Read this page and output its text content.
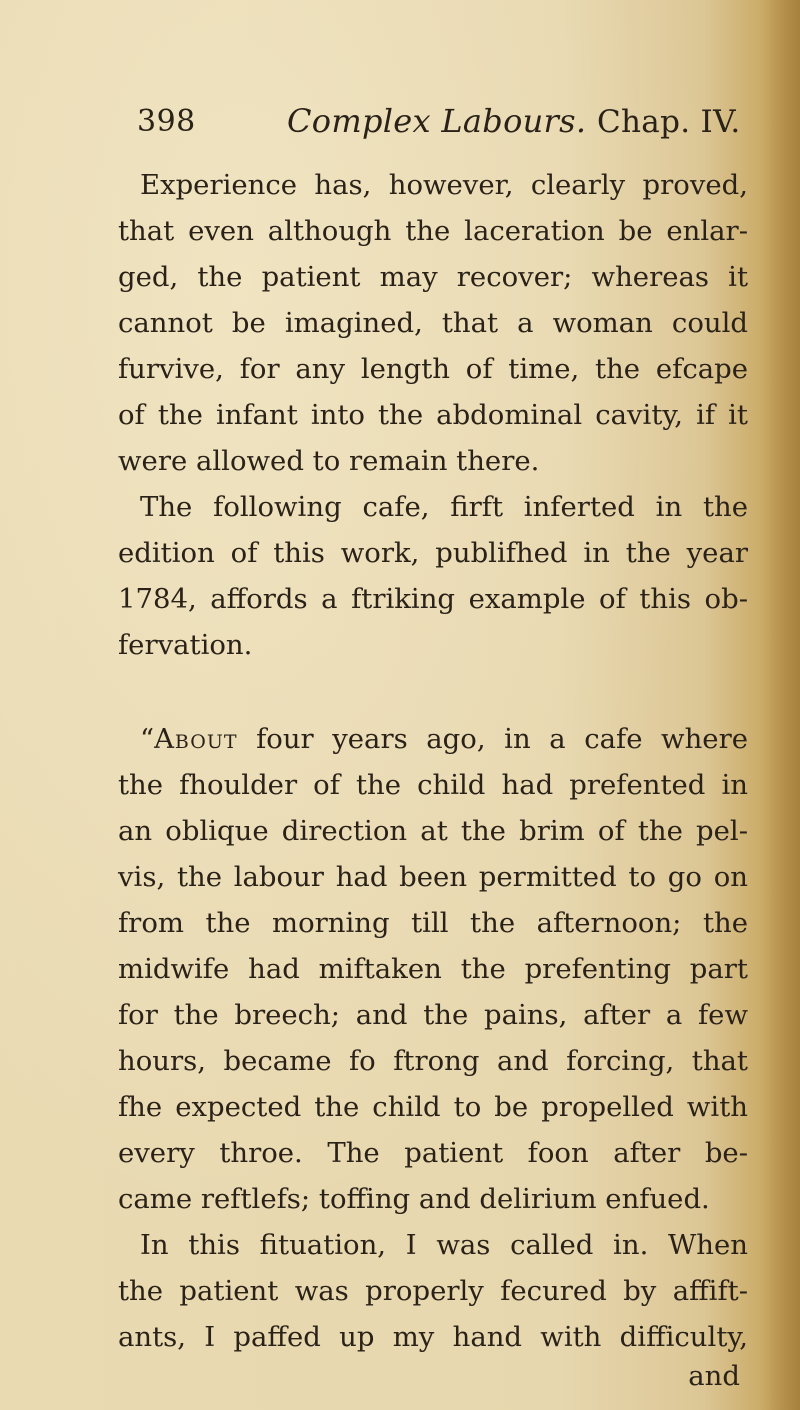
398	Complex Labours. Chap. IV.
Experience has, however, clearly proved,
that even although the laceration be enlar-
ged, the patient may recover; whereas it
cannot be imagined, that a woman could
furvive, for any length of time, the efcape
of the infant into the abdominal cavity, if it
were allowed to remain there.
The following cafe, firft inferted in the
edition of this work, publifhed in the year
1784, affords a ftriking example of this ob-
fervation.
“About four years ago, in a cafe where
the fhoulder of the child had prefented in
an oblique direction at the brim of the pel-
vis, the labour had been permitted to go on
from the morning till the afternoon; the
midwife had miftaken the prefenting part
for the breech; and the pains, after a few
hours, became fo ftrong and forcing, that
fhe expected the child to be propelled with
every throe. The patient foon after be-
came reftlefs; toffing and delirium enfued.
In this fituation, I was called in. When
the patient was properly fecured by affift-
ants, I paffed up my hand with difficulty,
and
